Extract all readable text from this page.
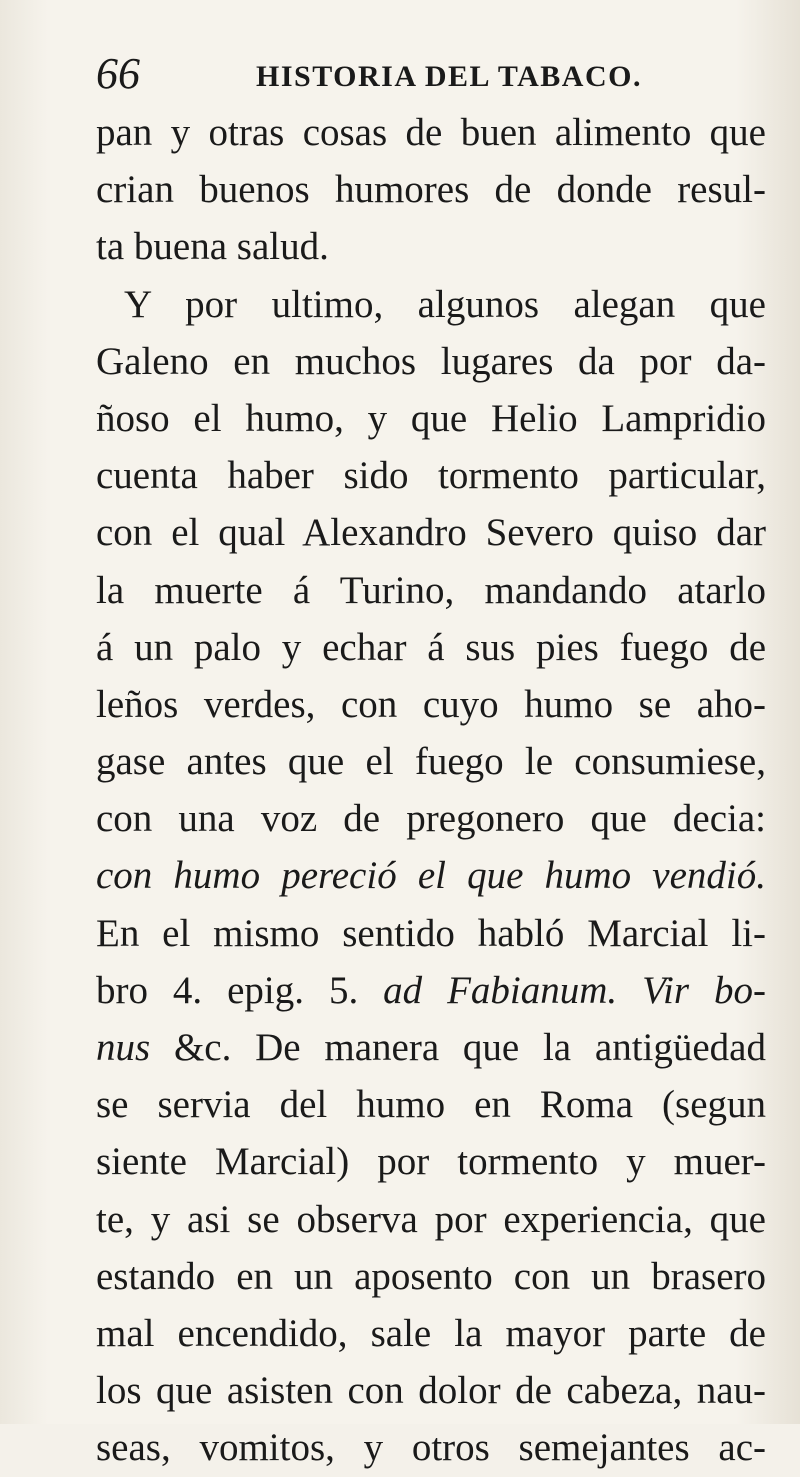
66	HISTORIA DEL TABACO.
pan y otras cosas de buen alimento que
crian buenos humores de donde resul-
ta buena salud.
Y por ultimo, algunos alegan que
Galeno en muchos lugares da por da-
ñoso el humo, y que Helio Lampridio
cuenta haber sido tormento particular,
con el qual Alexandro Severo quiso dar
la muerte á Turino, mandando atarlo
á un palo y echar á sus pies fuego de
leños verdes, con cuyo humo se aho-
gase antes que el fuego le consumiese,
con una voz de pregonero que decia:
con humo pereció el que humo vendió.
En el mismo sentido habló Marcial li-
bro 4. epig. 5. ad Fabianum. Vir bo-
nus &c. De manera que la antigüedad
se servia del humo en Roma (segun
siente Marcial) por tormento y muer-
te, y asi se observa por experiencia, que
estando en un aposento con un brasero
mal encendido, sale la mayor parte de
los que asisten con dolor de cabeza, nau-
seas, vomitos, y otros semejantes ac-
